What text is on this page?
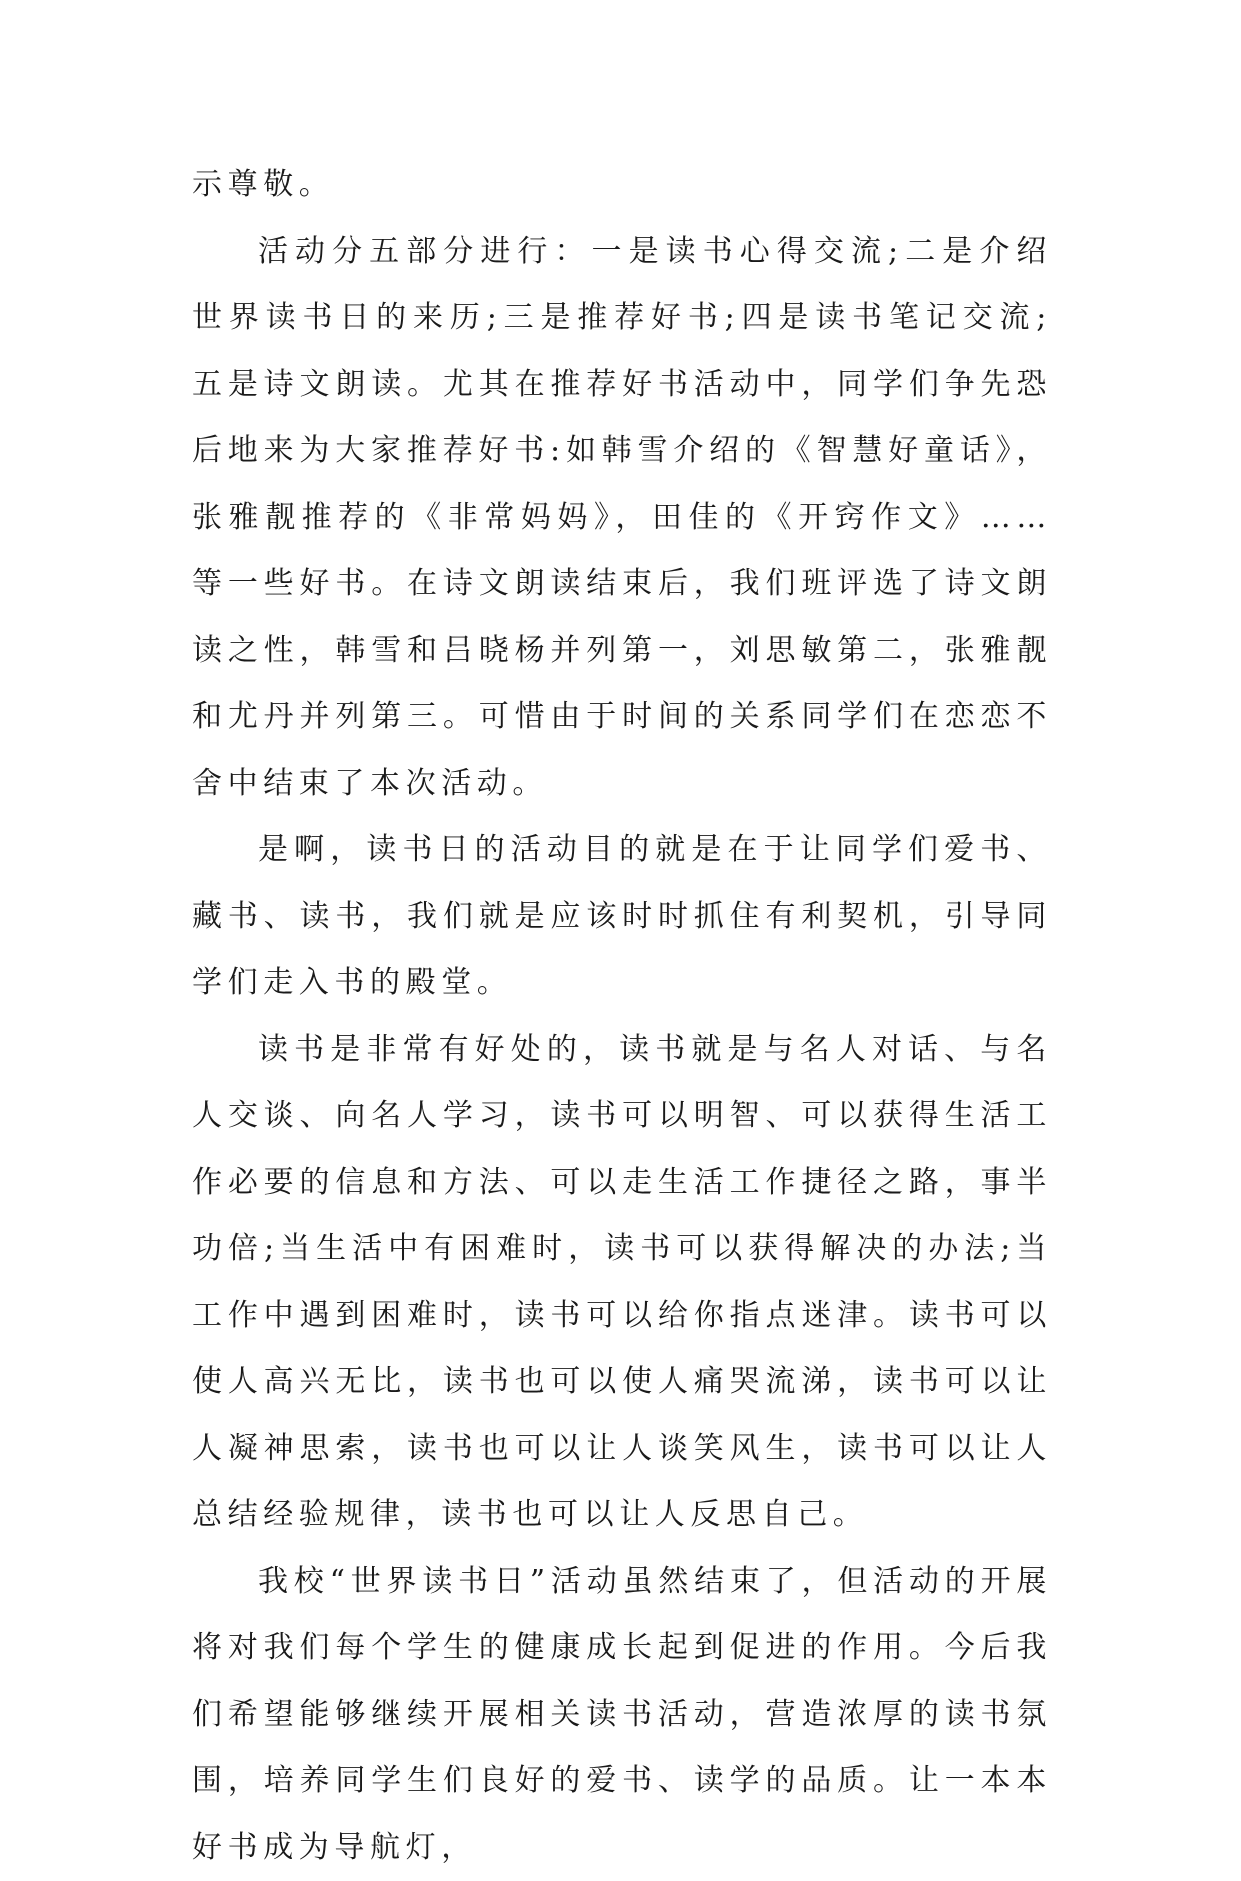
示尊敬。

活动分五部分进行：一是读书心得交流;二是介绍世界读书日的来历;三是推荐好书;四是读书笔记交流;五是诗文朗读。尤其在推荐好书活动中，同学们争先恐后地来为大家推荐好书:如韩雪介绍的《智慧好童话》，张雅靓推荐的《非常妈妈》，田佳的《开窍作文》……等一些好书。在诗文朗读结束后，我们班评选了诗文朗读之性，韩雪和吕晓杨并列第一，刘思敏第二，张雅靓和尤丹并列第三。可惜由于时间的关系同学们在恋恋不舍中结束了本次活动。

是啊，读书日的活动目的就是在于让同学们爱书、藏书、读书，我们就是应该时时抓住有利契机，引导同学们走入书的殿堂。

读书是非常有好处的，读书就是与名人对话、与名人交谈、向名人学习，读书可以明智、可以获得生活工作必要的信息和方法、可以走生活工作捷径之路，事半功倍;当生活中有困难时，读书可以获得解决的办法;当工作中遇到困难时，读书可以给你指点迷津。读书可以使人高兴无比，读书也可以使人痛哭流涕，读书可以让人凝神思索，读书也可以让人谈笑风生，读书可以让人总结经验规律，读书也可以让人反思自己。

我校“世界读书日”活动虽然结束了，但活动的开展将对我们每个学生的健康成长起到促进的作用。今后我们希望能够继续开展相关读书活动，营造浓厚的读书氛围，培养同学生们良好的爱书、读学的品质。让一本本好书成为导航灯，
